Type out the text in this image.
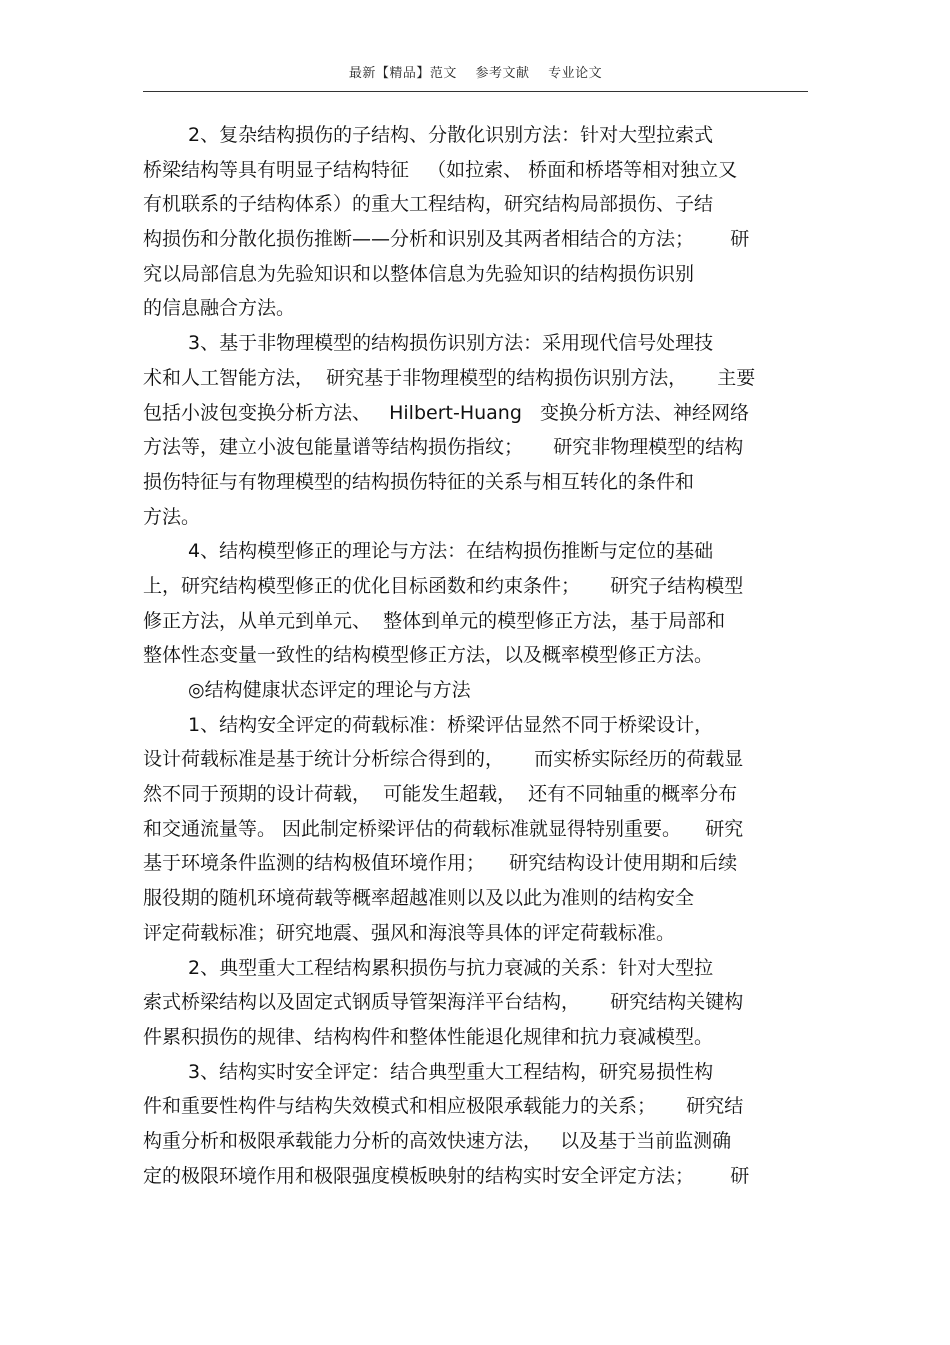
最新【精品】范文 参考文献 专业论文
2、复杂结构损伤的子结构、分散化识别方法：针对大型拉索式
桥梁结构等具有明显子结构特征   （如拉索、 桥面和桥塔等相对独立又
有机联系的子结构体系）的重大工程结构，研究结构局部损伤、子结
构损伤和分散化损伤推断——分析和识别及其两者相结合的方法；      研
究以局部信息为先验知识和以整体信息为先验知识的结构损伤识别
的信息融合方法。
3、基于非物理模型的结构损伤识别方法：采用现代信号处理技
术和人工智能方法，  研究基于非物理模型的结构损伤识别方法，     主要
包括小波包变换分析方法、   Hilbert-Huang   变换分析方法、神经网络
方法等，建立小波包能量谱等结构损伤指纹；     研究非物理模型的结构
损伤特征与有物理模型的结构损伤特征的关系与相互转化的条件和
方法。
4、结构模型修正的理论与方法：在结构损伤推断与定位的基础
上，研究结构模型修正的优化目标函数和约束条件；     研究子结构模型
修正方法，从单元到单元、  整体到单元的模型修正方法，基于局部和
整体性态变量一致性的结构模型修正方法，以及概率模型修正方法。
◎结构健康状态评定的理论与方法
1、结构安全评定的荷载标准：桥梁评估显然不同于桥梁设计，
设计荷载标准是基于统计分析综合得到的，     而实桥实际经历的荷载显
然不同于预期的设计荷载，  可能发生超载，  还有不同轴重的概率分布
和交通流量等。 因此制定桥梁评估的荷载标准就显得特别重要。    研究
基于环境条件监测的结构极值环境作用；    研究结构设计使用期和后续
服役期的随机环境荷载等概率超越准则以及以此为准则的结构安全
评定荷载标准；研究地震、强风和海浪等具体的评定荷载标准。
2、典型重大工程结构累积损伤与抗力衰减的关系：针对大型拉
索式桥梁结构以及固定式钢质导管架海洋平台结构，     研究结构关键构
件累积损伤的规律、结构构件和整体性能退化规律和抗力衰减模型。
3、结构实时安全评定：结合典型重大工程结构，研究易损性构
件和重要性构件与结构失效模式和相应极限承载能力的关系；     研究结
构重分析和极限承载能力分析的高效快速方法，   以及基于当前监测确
定的极限环境作用和极限强度模板映射的结构实时安全评定方法；      研
